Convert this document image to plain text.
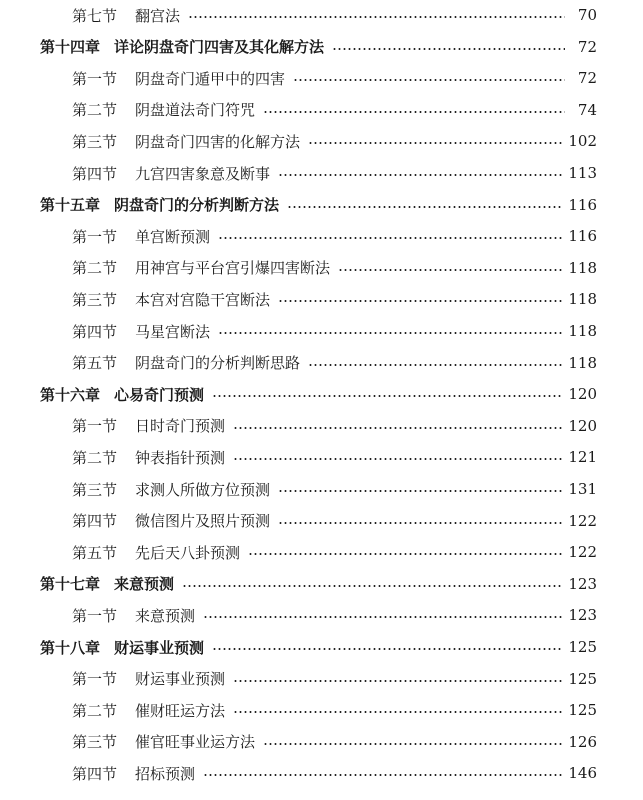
第七节 翻宫法	70
第十四章 详论阴盘奇门四害及其化解方法	72
第一节 阴盘奇门遁甲中的四害	72
第二节 阴盘道法奇门符咒	74
第三节 阴盘奇门四害的化解方法	102
第四节 九宫四害象意及断事	113
第十五章 阴盘奇门的分析判断方法	116
第一节 单宫断预测	116
第二节 用神宫与平台宫引爆四害断法	118
第三节 本宫对宫隐干宫断法	118
第四节 马星宫断法	118
第五节 阴盘奇门的分析判断思路	118
第十六章 心易奇门预测	120
第一节 日时奇门预测	120
第二节 钟表指针预测	121
第三节 求测人所做方位预测	131
第四节 微信图片及照片预测	122
第五节 先后天八卦预测	122
第十七章 来意预测	123
第一节 来意预测	123
第十八章 财运事业预测	125
第一节 财运事业预测	125
第二节 催财旺运方法	125
第三节 催官旺事业运方法	126
第四节 招标预测	146
